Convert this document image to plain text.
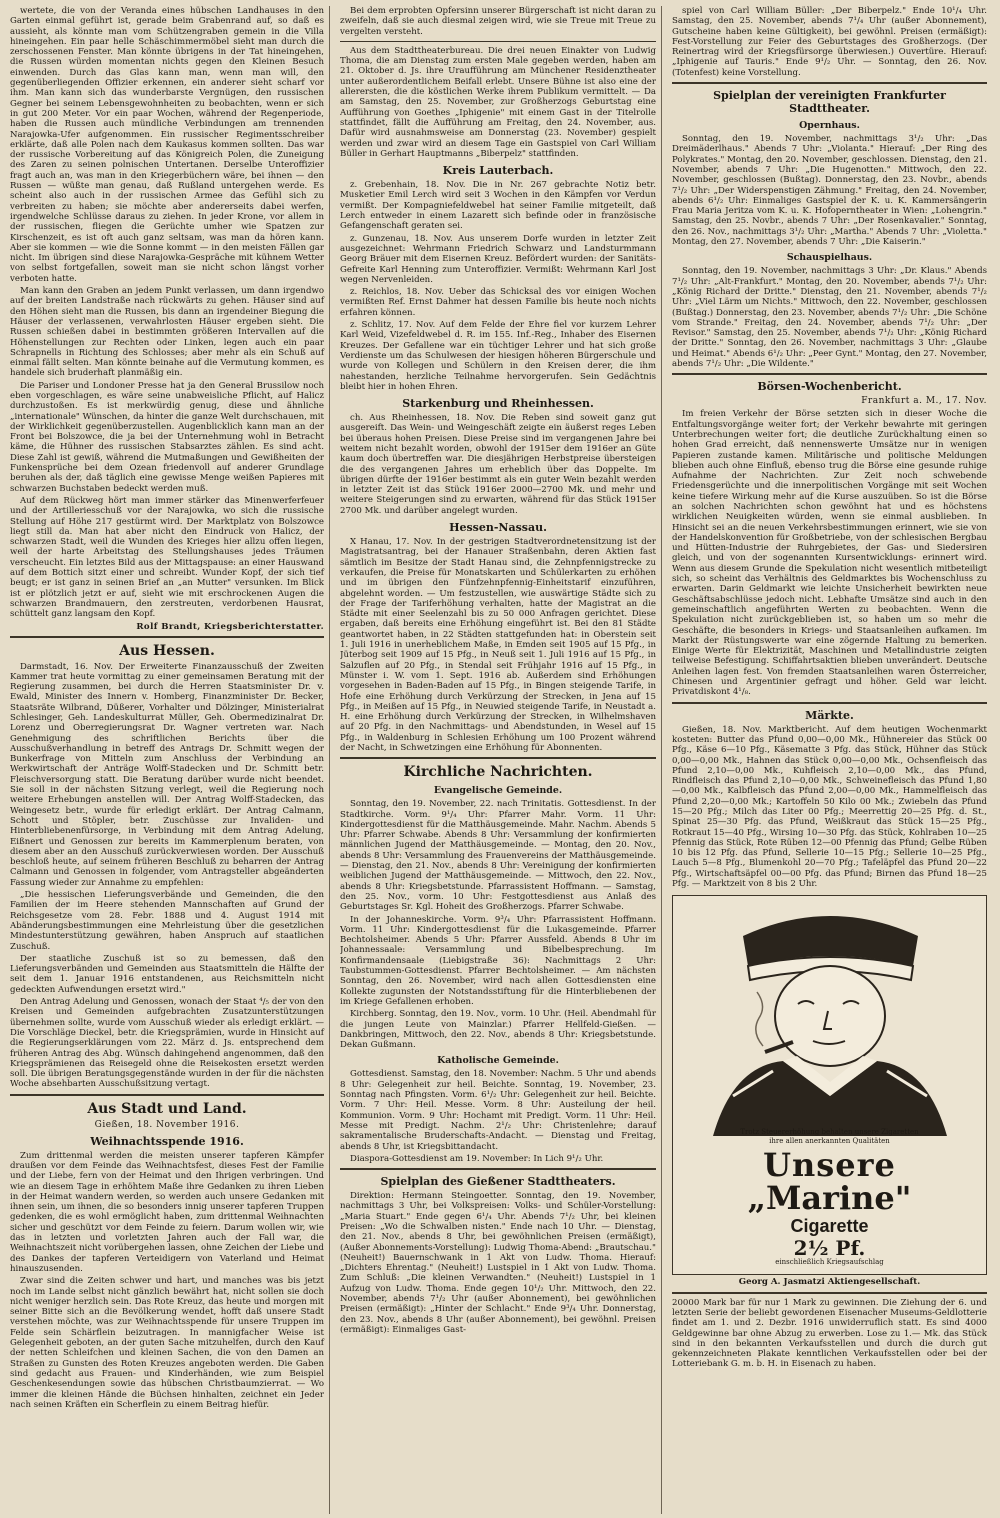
wertete, die von der Veranda eines hübschen Landhauses in den Garten einmal geführt ist, gerade beim Grabenrand auf, so daß es aussieht, als könnte man vom Schützengraben gemein in die Villa hineingehen. Ein paar helle Schäschimmermöbel sieht man durch die zerschossenen Fenster. Man könnte übrigens in der Tat hineingehen, die Russen würden momentan nichts gegen den Kleinen Besuch einwenden. Durch das Glas kann man, wenn man will, den gegenüberliegenden Offizier erkennen, ein anderer sieht scharf vor ihm. Man kann sich das wunderbarste Vergnügen, den russischen Gegner bei seinem Lebensgewohnheiten zu beobachten, wenn er sich in gut 200 Meter. Vor ein paar Wochen, während der Regenperiode, haben die Russen auch mündliche Verbindungen am trennenden Narajowka-Ufer aufgenommen. Ein russischer Regimentsschreiber erklärte, daß alle Polen nach dem Kaukasus kommen sollten. Das war der russische Vorbereitung auf das Königreich Polen, die Zuneigung des Zaren zu seinen polnischen Untertanen. Derselbe Unteroffizier fragt auch an, was man in den Kriegerbüchern wäre, bei ihnen — den Russen — wüßte man genau, daß Rußland untergehen werde. Es scheint also auch in der russischen Armee das Gefühl sich zu verbreiten zu haben; sie möchte aber andererseits dabei werfen, irgendwelche Schlüsse daraus zu ziehen. In jeder Krone, vor allem in der russischen, fliegen die Gerüchte umher wie Spatzen zur Kirschenzeit, es ist oft auch ganz seltsam, was man da hören kann. Aber sie kommen — wie die Sonne kommt — in den meisten Fällen gar nicht. Im übrigen sind diese Narajowka-Gespräche mit kühnem Wetter von selbst fortgefallen, soweit man sie nicht schon längst vorher verboten hatte.

Man kann den Graben an jedem Punkt verlassen, um dann irgendwo auf der breiten Landstraße nach rückwärts zu gehen. Häuser sind auf den Höhen sieht man die Russen, bis dann an irgendeiner Biegung die Häuser der verlassenen, verwahrlosten Häuser ergeben sieht. Die Russen schießen dabei in bestimmten größeren Intervallen auf die Höhenstellungen zur Rechten oder Linken, legen auch ein paar Schrapnells in Richtung des Schlosses; aber mehr als ein Schuß auf einmal fällt selten. Man könnte beinahe auf die Vermutung kommen, es handele sich bruderhaft planmäßig ein.

Die Pariser und Londoner Presse hat ja den General Brussilow noch eben vorgeschlagen, es wäre seine unabweisliche Pflicht, auf Halicz durchzustoßen. Es ist merkwürdig genug, diese und ähnliche „internationale" Wünschen, da hinter die ganze Welt durchschauen, mit der Wirklichkeit gegenüberzustellen. Augenblicklich kann man an der Front bei Bolszowce, die ja bei der Unternehmung wohl in Betracht käme, die Hühner des russischen Stabsarztes zählen. Es sind acht. Diese Zahl ist gewiß, während die Mutmaßungen und Gewißheiten der Funkensprüche bei dem Ozean friedenvoll auf anderer Grundlage beruhen als der, daß täglich eine gewisse Menge weißen Papieres mit schwarzen Buchstaben bedeckt werden muß.

Auf dem Rückweg hört man immer stärker das Minenwerferfeuer und der Artilleriesschuß vor der Narajowka, wo sich die russische Stellung auf Höhe 217 gestürmt wird. Der Marktplatz von Bolszowce liegt still da. Man hat aber nicht den Eindruck von Halicz, der schwarzen Stadt, weil die Wunden des Krieges hier allzu offen liegen, weil der harte Arbeitstag des Stellungshauses jedes Träumen verscheucht. Ein letztes Bild aus der Mittagspause: an einer Hauswand auf dem Bottich sitzt einer und schreibt. Wunder Kopf, der sich tief beugt; er ist ganz in seinen Brief an „an Mutter" versunken. Im Blick ist er plötzlich jetzt er auf, sieht wie mit erschrockenen Augen die schwarzen Brandmauern, den zerstreuten, verdorbenen Hausrat, schüttelt ganz langsam den Kopf.

Rolf Brandt, Kriegsberichterstatter.
Aus Hessen.

Darmstadt, 16. Nov. Der Erweiterte Finanzausschuß der Zweiten Kammer trat heute vormittag zu einer gemeinsamen Beratung mit der Regierung zusammen, bei durch die Herren Staatsminister Dr. v. Ewald, Minister des Innern v. Homberg, Finanzminister Dr. Becker, Staatsräte Wilbrand, Düßerer, Vorhalter und Dölzinger, Ministerialrat Schlesinger, Geh. Landeskulturrat Müller, Geh. Obermedizinalrat Dr. Lorenz und Oberregierungsrat Dr. Wagner vertreten war. Nach Genehmigung des schriftlichen Berichts über die Ausschußverhandlung in betreff des Antrags Dr. Schmitt wegen der Bunkerfrage von Mitteln zum Anschluss der Verbindung an Werkwirtschaft der Anträge Wolff-Stadecken und Dr. Schmitt betr. Fleischversorgung statt. Die Beratung darüber wurde nicht beendet. Sie soll in der nächsten Sitzung verlegt, weil die Regierung noch weitere Erhebungen anstellen will. Der Antrag Wolff-Stadecken, das Weingesetz betr., wurde für erledigt erklärt. Der Antrag Calmann, Schott und Stöpler, betr. Zuschüsse zur Invaliden- und Hinterbliebenenfürsorge, in Verbindung mit dem Antrag Adelung, Eißnert und Genossen zur bereits im Kammerplenum beraten, von diesem aber an den Ausschuß zurückverwiesen worden. Der Ausschuß beschloß heute, auf seinem früheren Beschluß zu beharren der Antrag Calmann und Genossen in folgender, vom Antragsteller abgeänderten Fassung wieder zur Annahme zu empfehlen:

„Die hessischen Lieferungsverbände und Gemeinden, die den Familien der im Heere stehenden Mannschaften auf Grund der Reichsgesetze vom 28. Febr. 1888 und 4. August 1914 mit Abänderungsbestimmungen eine Mehrleistung über die gesetzlichen Mindestunterstützung gewähren, haben Anspruch auf staatlichen Zuschuß.

Der staatliche Zuschuß ist so zu bemessen, daß den Lieferungsverbänden und Gemeinden aus Staatsmitteln die Hälfte der seit dem 1. Januar 1916 entstandenen, aus Reichsmitteln nicht gedeckten Aufwendungen ersetzt wird."

Den Antrag Adelung und Genossen, wonach der Staat ⁴/₅ der von den Kreisen und Gemeinden aufgebrachten Zusatzunterstützungen übernehmen sollte, wurde vom Ausschuß wieder als erledigt erklärt. — Die Vorschläge Dieckel, betr. die Kriegsprämien, wurde in Hinsicht auf die Regierungserklärungen vom 22. März d. Js. entsprechend dem früheren Antrag des Abg. Wünsch dahingehend angenommen, daß den Kriegsprämienen das Reisegeld ohne die Reisekosten ersetzt werden soll. Die übrigen Beratungsgegenstände wurden in der für die nächsten Woche absehbarten Ausschußsitzung vertagt.

Aus Stadt und Land.
Gießen, 18. November 1916.
Weihnachtsspende 1916.

Zum drittenmal werden die meisten unserer tapferen Kämpfer draußen vor dem Feinde das Weihnachtsfest, dieses Fest der Familie und der Liebe, fern von der Heimat und den Ihrigen verbringen. Und wie an diesem Tage in erhöhtem Maße ihre Gedanken zu ihren Lieben in der Heimat wandern werden, so werden auch unsere Gedanken mit ihnen sein, um ihnen, die so besonders innig unserer tapferen Truppen gedenken, die es wohl ermöglicht haben, zum drittenmal Weihnachten sicher und geschützt vor dem Feinde zu feiern. Darum wollen wir, wie das in letzten und vorletzten Jahren auch der Fall war, die Weihnachtszeit nicht vorübergehen lassen, ohne Zeichen der Liebe und des Dankes der tapferen Verteidigern von Vaterland und Heimat hinauszusenden.

Zwar sind die Zeiten schwer und hart, und manches was bis jetzt noch im Lande selbst nicht gänzlich bewährt hat, nicht sollen sie doch nicht weniger herzlich sein. Das Rote Kreuz, das heute und morgen mit seiner Bitte sich an die Bevölkerung wendet, hofft daß unsere Stadt verstehen möchte, was zur Weihnachtsspende für unsere Truppen im Felde sein Schärflein beizutragen. In mannigfacher Weise ist Gelegenheit geboten, an der guten Sache mitzuhelfen, durch den Kauf der netten Schleifchen und kleinen Sachen, die von den Damen an Straßen zu Gunsten des Roten Kreuzes angeboten werden. Die Gaben sind gedacht aus Frauen- und Kinderhänden, wie zum Beispiel Geschenkesendungen sowie das hübschen Christbaumzierrat. — Wo immer die kleinen Hände die Büchsen hinhalten, zeichnet ein Jeder nach seinen Kräften ein Scherflein zu einem Beitrag hiefür.

Bei dem erprobten Opfersinn unserer Bürgerschaft ist nicht daran zu zweifeln, daß sie auch diesmal zeigen wird, wie sie Treue mit Treue zu vergelten versteht.

Aus dem Stadttheaterbureau. Die drei neuen Einakter von Ludwig Thoma, die am Dienstag zum ersten Male gegeben werden, haben am 21. Oktober d. Js. ihre Uraufführung am Münchener Residenztheater unter außerordentlichem Beifall erlebt. Unsere Bühne ist also eine der allerersten, die die köstlichen Werke ihrem Publikum vermittelt. — Da am Samstag, den 25. November, zur Großherzogs Geburtstag eine Aufführung von Goethes „Iphigenie" mit einem Gast in der Titelrolle stattfindet, fällt die Aufführung am Freitag, den 24. November, aus. Dafür wird ausnahmsweise am Donnerstag (23. November) gespielt werden und zwar wird an diesem Tage ein Gastspiel von Carl William Büller in Gerhart Hauptmanns „Biberpelz" stattfinden.

Kreis Lauterbach.

z. Grebenhain, 18. Nov. Die in Nr. 267 gebrachte Notiz betr. Musketier Emil Lerch wird seit 3 Wochen in den Kämpfen vor Verdun vermißt. Der Kompagniefeldwebel hat seiner Familie mitgeteilt, daß Lerch entweder in einem Lazarett sich befinde oder in französische Gefangenschaft geraten sei.

z. Gunzenau, 18. Nov. Aus unserem Dorfe wurden in letzter Zeit ausgezeichnet: Wehrmann Friedrich Schwarz und Landsturmmann Georg Bräuer mit dem Eisernen Kreuz. Befördert wurden: der Sanitäts-Gefreite Karl Henning zum Unteroffizier. Vermißt: Wehrmann Karl Jost wegen Nervenleiden.

z. Reichlos, 18. Nov. Ueber das Schicksal des vor einigen Wochen vermißten Ref. Ernst Dahmer hat dessen Familie bis heute noch nichts erfahren können.

z. Schlitz, 17. Nov. Auf dem Felde der Ehre fiel vor kurzem Lehrer Karl Weid, Vizefeldwebel d. R. im 155. Inf.-Reg., Inhaber des Eisernen Kreuzes. Der Gefallene war ein tüchtiger Lehrer und hat sich große Verdienste um das Schulwesen der hiesigen höheren Bürgerschule und wurde von Kollegen und Schülern in den Kreisen derer, die ihm nahestanden, herzliche Teilnahme hervorgerufen. Sein Gedächtnis bleibt hier in hohen Ehren.

Starkenburg und Rheinhessen.

ch. Aus Rheinhessen, 18. Nov. Die Reben sind soweit ganz gut ausgereift. Das Wein- und Weingeschäft zeigte ein äußerst reges Leben bei überaus hohen Preisen. Diese Preise sind im vergangenen Jahre bei weitem nicht bezahlt worden, obwohl der 1915er dem 1916er an Güte kaum doch übertreffen war. Die diesjährigen Herbstpreise übersteigen die des vergangenen Jahres um erheblich über das Doppelte. Im übrigen dürfte der 1916er bestimmt als ein guter Wein bezahlt werden in letzter Zeit ist das Stück 1916er 2000—2700 Mk. und mehr und weitere Steigerungen sind zu erwarten, während für das Stück 1915er 2700 Mk. und darüber angelegt wurden.

Hessen-Nassau.

X Hanau, 17. Nov. In der gestrigen Stadtverordnetensitzung ist der Magistratsantrag, bei der Hanauer Straßenbahn, deren Aktien fast sämtlich im Besitze der Stadt Hanau sind, die Zehnpfennigstrecke zu verkaufen, die Preise für Monatskarten und Schülerkarten zu erhöhen und im übrigen den Fünfzehnpfennig-Einheitstarif einzuführen, abgelehnt worden. — Um festzustellen, wie auswärtige Städte sich zu der Frage der Tariferhöhung verhalten, hatte der Magistrat an die Städte mit einer Seelenzahl bis zu 50 000 Anfragen gerichtet. Diese ergaben, daß bereits eine Erhöhung eingeführt ist. Bei den 81 Städte geantwortet haben, in 22 Städten stattgefunden hat: in Oberstein seit 1. Juli 1916 in unerheblichem Maße, in Emden seit 1905 auf 15 Pfg., in Jüterbog seit 1909 auf 15 Pfg., in Neuß seit 1. Juli 1916 auf 15 Pfg., in Salzuflen auf 20 Pfg., in Stendal seit Frühjahr 1916 auf 15 Pfg., in Münster i. W. vom 1. Sept. 1916 ab. Außerdem sind Erhöhungen vorgesehen in Baden-Baden auf 15 Pfg., in Bingen steigende Tarife, in Hofe eine Erhöhung durch Verkürzung der Strecken, in Jena auf 15 Pfg., in Meißen auf 15 Pfg., in Neuwied steigende Tarife, in Neustadt a. H. eine Erhöhung durch Verkürzung der Strecken, in Wilhelmshaven auf 20 Pfg. in den Nachmittags- und Abendstunden, in Wesel auf 15 Pfg., in Waldenburg in Schlesien Erhöhung um 100 Prozent während der Nacht, in Schwetzingen eine Erhöhung für Abonnenten.

Kirchliche Nachrichten.
Evangelische Gemeinde.

Sonntag, den 19. November, 22. nach Trinitatis. Gottesdienst. In der Stadtkirche. Vorm. 9¹/₄ Uhr: Pfarrer Mahr. Vorm. 11 Uhr: Kindergottesdienst für die Matthäusgemeinde. Mahr. Nachm. Abends 5 Uhr: Pfarrer Schwabe. Abends 8 Uhr: Versammlung der konfirmierten männlichen Jugend der Matthäusgemeinde. — Montag, den 20. Nov., abends 8 Uhr: Versammlung des Frauenvereins der Matthäusgemeinde. — Dienstag, den 21. Nov., abends 8 Uhr: Vereinigung der konfirmierten weiblichen Jugend der Matthäusgemeinde. — Mittwoch, den 22. Nov., abends 8 Uhr: Kriegsbetstunde. Pfarrassistent Hoffmann. — Samstag, den 25. Nov., vorm. 10 Uhr: Festgottesdienst aus Anlaß des Geburtstages Sr. Kgl. Hoheit des Großherzogs. Pfarrer Schwabe.

In der Johanneskirche. Vorm. 9³/₄ Uhr: Pfarrassistent Hoffmann. Vorm. 11 Uhr: Kindergottesdienst für die Lukasgemeinde. Pfarrer Bechtolsheimer. Abends 5 Uhr: Pfarrer Aussfeld. Abends 8 Uhr im Johannessaale: Versammlung und Bibelbesprechung. Im Konfirmandensaale (Liebigstraße 36): Nachmittags 2 Uhr: Taubstummen-Gottesdienst. Pfarrer Bechtolsheimer. — Am nächsten Sonntag, den 26. November, wird nach allen Gottesdiensten eine Kollekte zugunsten der Notstandsstiftung für die Hinterbliebenen der im Kriege Gefallenen erhoben.

Kirchberg. Sonntag, den 19. Nov., vorm. 10 Uhr. (Heil. Abendmahl für die jungen Leute von Mainzlar.) Pfarrer Hellfeld-Gießen. — Dankbringen, Mittwoch, den 22. Nov., abends 8 Uhr: Kriegsbetstunde. Dekan Gußmann.

Katholische Gemeinde.

Gottesdienst. Samstag, den 18. November: Nachm. 5 Uhr und abends 8 Uhr: Gelegenheit zur heil. Beichte. Sonntag, 19. November, 23. Sonntag nach Pfingsten. Vorm. 6¹/₂ Uhr: Gelegenheit zur heil. Beichte. Vorm. 7 Uhr: Heil. Messe. Vorm. 8 Uhr: Austeilung der heil. Kommunion. Vorm. 9 Uhr: Hochamt mit Predigt. Vorm. 11 Uhr: Heil. Messe mit Predigt. Nachm. 2¹/₂ Uhr: Christenlehre; darauf sakramentalische Bruderschafts-Andacht. — Dienstag und Freitag, abends 8 Uhr, ist Kriegsbittandacht.

Diaspora-Gottesdienst am 19. November: In Lich 9¹/₂ Uhr.

Spielplan des Gießener Stadttheaters.

Direktion: Hermann Steingoetter. Sonntag, den 19. November, nachmittags 3 Uhr, bei Volkspreisen: Volks- und Schüler-Vorstellung: „Maria Stuart." Ende gegen 6¹/₄ Uhr. Abends 7¹/₂ Uhr, bei kleinen Preisen: „Wo die Schwalben nisten." Ende nach 10 Uhr. — Dienstag, den 21. Nov., abends 8 Uhr, bei gewöhnlichen Preisen (ermäßigt), (Außer Abonnements-Vorstellung): Ludwig Thoma-Abend: „Brautschau." (Neuheit!) Bauernschwank in 1 Akt von Ludw. Thoma. Hierauf: „Dichters Ehrentag." (Neuheit!) Lustspiel in 1 Akt von Ludw. Thoma. Zum Schluß: „Die kleinen Verwandten." (Neuheit!) Lustspiel in 1 Aufzug von Ludw. Thoma. Ende gegen 10¹/₂ Uhr. Mittwoch, den 22. November, abends 7¹/₂ Uhr (außer Abonnement), bei gewöhnlichen Preisen (ermäßigt): „Hinter der Schlacht." Ende 9³/₄ Uhr. Donnerstag, den 23. Nov., abends 8 Uhr (außer Abonnement), bei gewöhnl. Preisen (ermäßigt): Einmaliges Gast-

spiel von Carl William Büller: „Der Biberpelz." Ende 10¹/₄ Uhr. Samstag, den 25. November, abends 7¹/₄ Uhr (außer Abonnement), Gutscheine haben keine Gültigkeit), bei gewöhnl. Preisen (ermäßigt): Fest-Vorstellung zur Feier des Geburtstages des Großherzogs. (Der Reinertrag wird der Kriegsfürsorge überwiesen.) Ouvertüre. Hierauf: „Iphigenie auf Tauris." Ende 9¹/₂ Uhr. — Sonntag, den 26. Nov. (Totenfest) keine Vorstellung.

Spielplan der vereinigten Frankfurter Stadttheater.
Opernhaus.

Sonntag, den 19. November, nachmittags 3¹/₂ Uhr: „Das Dreimäderlhaus." Abends 7 Uhr: „Violanta." Hierauf: „Der Ring des Polykrates." Montag, den 20. November, geschlossen. Dienstag, den 21. November, abends 7 Uhr: „Die Hugenotten." Mittwoch, den 22. November, geschlossen (Bußtag). Donnerstag, den 23. Novbr., abends 7¹/₂ Uhr: „Der Widerspenstigen Zähmung." Freitag, den 24. November, abends 6¹/₂ Uhr: Einmaliges Gastspiel der K. u. K. Kammersängerin Frau Maria Jeritza vom K. u. K. Hofoperntheater in Wien: „Lohengrin." Samstag, den 25. Novbr., abends 7 Uhr: „Der Rosenkavalier." Sonntag, den 26. Nov., nachmittags 3¹/₂ Uhr: „Martha." Abends 7 Uhr: „Violetta." Montag, den 27. November, abends 7 Uhr: „Die Kaiserin."

Schauspielhaus.

Sonntag, den 19. November, nachmittags 3 Uhr: „Dr. Klaus." Abends 7¹/₂ Uhr: „Alt-Frankfurt." Montag, den 20. November, abends 7¹/₂ Uhr: „König Richard der Dritte." Dienstag, den 21. November, abends 7¹/₂ Uhr: „Viel Lärm um Nichts." Mittwoch, den 22. November, geschlossen (Bußtag.) Donnerstag, den 23. November, abends 7¹/₂ Uhr: „Die Schöne vom Strande." Freitag, den 24. November, abends 7¹/₂ Uhr: „Der Revisor." Samstag, den 25. November, abends 7¹/₂ Uhr: „König Richard der Dritte." Sonntag, den 26. November, nachmittags 3 Uhr: „Glaube und Heimat." Abends 6¹/₂ Uhr: „Peer Gynt." Montag, den 27. November, abends 7¹/₂ Uhr: „Die Wildente."

Börsen-Wochenbericht.
Frankfurt a. M., 17. Nov.

Im freien Verkehr der Börse setzten sich in dieser Woche die Entfaltungsvorgänge weiter fort; der Verkehr bewahrte mit geringen Unterbrechungen weiter fort; die deutliche Zurückhaltung einen so hohen Grad erreicht, daß nennenswerte Umsätze nur in wenigen Papieren zustande kamen. Militärische und politische Meldungen blieben auch ohne Einfluß, ebenso trug die Börse eine gesunde ruhige Aufnahme der Nachrichten. Zur Zeit noch schwebende Friedensgerüchte und die innerpolitischen Vorgänge mit seit Wochen keine tiefere Wirkung mehr auf die Kurse auszuüben. So ist die Börse an solchen Nachrichten schon gewöhnt hat und es höchstens wirklichen Neuigkeiten würden, wenn sie einmal ausblieben. In Hinsicht sei an die neuen Verkehrsbestimmungen erinnert, wie sie von der Handelskonvention für Großbetriebe, von der schlesischen Bergbau und Hütten-Industrie der Ruhrgebietes, der Gas- und Siedersiren gleich, und von der sogenannten Kursentwicklungs- erinnert wird. Wenn aus diesem Grunde die Spekulation nicht wesentlich mitbeteiligt sich, so scheint das Verhältnis des Geldmarktes bis Wochenschluss zu erwarten. Darin Geldmarkt wie leichte Unsicherheit bewirkten neue Geschäftsabschlüsse jedoch nicht. Lebhafte Umsätze sind auch in den gemeinschaftlich angeführten Werten zu beobachten. Wenn die Spekulation nicht zurückgeblieben ist, so haben um so mehr die Geschäfte, die besonders in Kriegs- und Staatsanleihen aufkamen. Im Markt der Rüstungswerte war eine zögernde Haltung zu bemerken. Einige Werte für Elektrizität, Maschinen und Metallindustrie zeigten teilweise Befestigung. Schiffahrtsaktien blieben unverändert. Deutsche Anleihen lagen fest. Von fremden Staatsanleihen waren Österreicher, Chinesen und Argentinier gefragt und höher. Geld war leicht. Privatdiskont 4¹/₈.

Märkte.

Gießen, 18. Nov. Marktbericht. Auf dem heutigen Wochenmarkt kosteten: Butter das Pfund 0,00—0,00 Mk., Hühnereier das Stück 00 Pfg., Käse 6—10 Pfg., Käsematte 3 Pfg. das Stück, Hühner das Stück 0,00—0,00 Mk., Hahnen das Stück 0,00—0,00 Mk., Ochsenfleisch das Pfund 2,10—0,00 Mk., Kuhfleisch 2,10—0,00 Mk., das Pfund, Rindfleisch das Pfund 2,10—0,00 Mk., Schweinefleisch das Pfund 1,80—0,00 Mk., Kalbfleisch das Pfund 2,00—0,00 Mk., Hammelfleisch das Pfund 2,20—0,00 Mk.; Kartoffeln 50 Kilo 00 Mk.; Zwiebeln das Pfund 15—20 Pfg.; Milch das Liter 00 Pfg.; Meerrettig 20—25 Pfg. d. St., Spinat 25—30 Pfg. das Pfund, Weißkraut das Stück 15—25 Pfg., Rotkraut 15—40 Pfg., Wirsing 10—30 Pfg. das Stück, Kohlraben 10—25 Pfennig das Stück, Rote Rüben 12—00 Pfennig das Pfund; Gelbe Rüben 10 bis 12 Pfg. das Pfund, Sellerie 10—15 Pfg.; Sellerie 10—25 Pfg., Lauch 5—8 Pfg., Blumenkohl 20—70 Pfg.; Tafeläpfel das Pfund 20—22 Pfg., Wirtschaftsäpfel 00—00 Pfg. das Pfund; Birnen das Pfund 18—25 Pfg. — Marktzeit von 8 bis 2 Uhr.

Unsere
„Marine"
Cigarette
2½ Pf.
einschließlich Kriegsaufschlag
Trotz Steuererhöhung behalten unsere Zigaretten
ihre allen anerkannten Qualitäten
Georg A. Jasmatzi Aktiengesellschaft.

20000 Mark bar für nur 1 Mark zu gewinnen. Die Ziehung der 6. und letzten Serie der beliebt gewordenen Eisenacher Museums-Geldlotterie findet am 1. und 2. Dezbr. 1916 unwiderruflich statt. Es sind 4000 Geldgewinne bar ohne Abzug zu erwerben. Lose zu 1.— Mk. das Stück sind in den bekannten Verkaufsstellen und durch die durch gut gekennzeichneten Plakate kenntlichen Verkaufsstellen oder bei der Lotteriebank G. m. b. H. in Eisenach zu haben.
